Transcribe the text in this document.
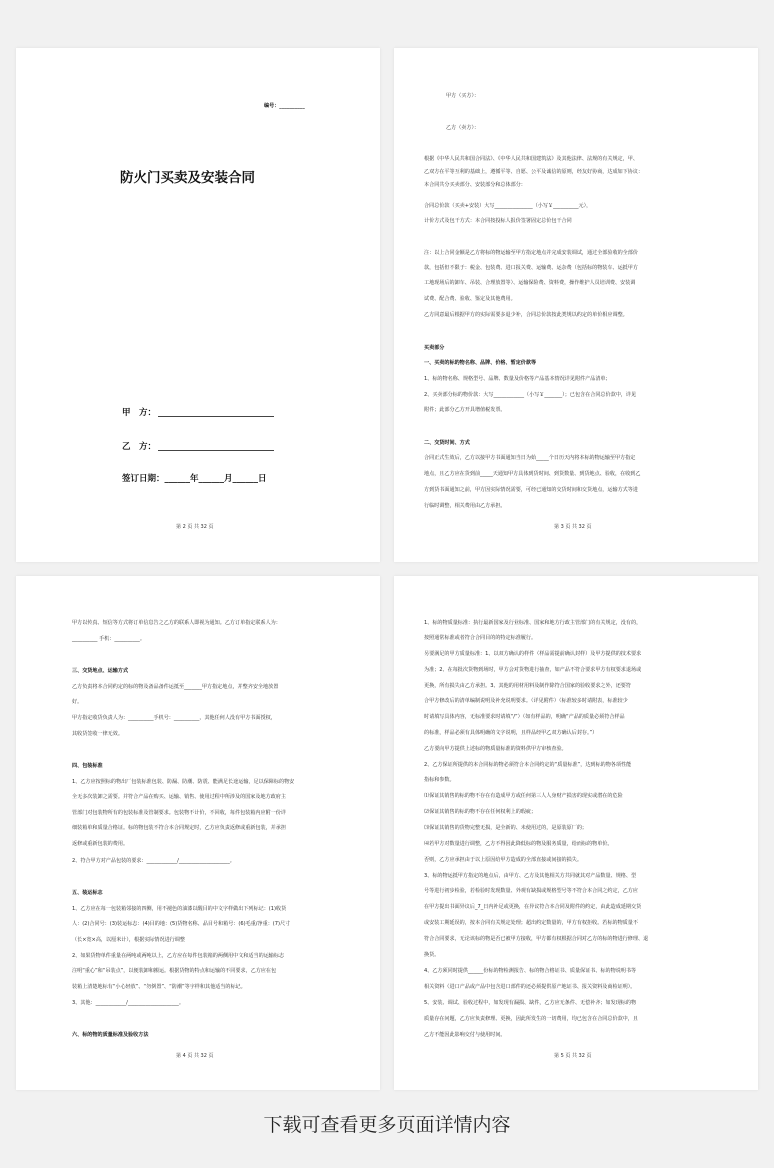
编号：__________
防火门买卖及安装合同
甲　方：
乙　方：
签订日期：______年______月______日
第 2 页 共 32 页
甲方（买方）：
乙方（卖方）：
根据《中华人民共和国合同法》、《中华人民共和国建筑法》及其他法律、法规的有关规定，甲、
乙双方在平等互利的基础上，遵循平等、自愿、公平及诚信的原则，经友好协商，达成如下协议：
本合同共分买卖部分、安装部分和总体部分：
合同总价款（买卖+安装）大写_______________（小写￥__________元），
计价方式及包干方式：本合同按投标人报价签署固定总价包干合同
注：以上合同金额是乙方将标的物运输至甲方指定地点并完成安装调试，通过全部验收的全部价
款，包括但不限于：税金、包装费、进口报关费、运输费、运杂费（包括标的物装车、运抵甲方
工地现场后的卸车、吊装、合理放置等）、运输保险费、资料费，操作维护人员培训费、安装调
试费、配合费、验收、鉴定及其他费用。
乙方同意最后根据甲方的实际需要多退少补，合同总价款按此类规以约定的单价相应调整。
买卖部分
一、买卖的标的物名称、品牌、价格、暂定价款等
1、标的物名称、规格型号、品牌、数量及价格等产品基本情况详见附件产品清单；
2、买卖部分标的物价款：大写____________（小写￥_______）；已包含在合同总价款中，详见
附件；此部分乙方开具增值税发票。
二、交货时间、方式
合同正式生效后，乙方以接甲方书面通知当日为始_____个日历天内将本标的物运输至甲方指定
地点，且乙方应在货到前_____天通知甲方具体到货时间、到货数量、到货地点、验收，在收到乙
方到货书面通知之前，甲方因实际情况需要，可经已通知的交货时间和交货地点，运输方式等进
行临时调整，相关费用由乙方承担。
第 3 页 共 32 页
甲方以传真、短信等方式将订单信息告之乙方的联系人即视为通知。乙方订单指定联系人为：
__________ 手机：__________。
三、交货地点、运输方式
乙方负责将本合同约定的标的物及备品备件运抵至_______甲方指定地点，并整齐安全地放置
好。
甲方指定收货负责人为：__________手机号：__________，其他任何人没有甲方书面授权，
其收货签收一律无效。
四、包装标准
1、乙方应按照标的物出厂包装标准包装、防漏、防潮、防震、能满足长途运输，足以保障标的物安
全无多次装卸之需要。并符合产品在购买、运输、销售、使用过程中所涉及的国家及地方政府主
管部门对包装物所有的包装标准及管制要求。包装物不计价，不回收，每件包装箱内应附一份详
细装箱单和质量合格证。标的物包装不符合本合同规定时，乙方应负责返修或重新包装，并承担
返修或重新包装的费用。
2、符合甲方对产品包装的要求：____________/____________________。
五、装运标志
1、乙方应在每一包装箱邻接的四侧，用不褪色的油漆以醒目的中文字样做出下列标记：(1)收货
人：(2)合同号：(3)装运标志：(4)目的地：(5)货物名称、品目号和箱号：(6)毛重/净重：(7)尺寸
（长×宽×高，以厘米计），根据实际情况进行调整
2、如果货物单件重量在两吨或两吨以上，乙方应在每件包装箱的两侧用中文和适当的运输标志
注明“重心”和“吊装点”，以便装卸和搬运。根据货物的特点和运输的不同要求，乙方应在包
装箱上清楚地标有“小心轻放”、“勿倒置”、“防潮”等字样和其他适当的标记。
3、其他：____________/____________________。
六、标的物的质量标准及验收方法
第 4 页 共 32 页
1、标的物质量标准：执行最新国家及行业标准、国家和地方行政主管部门的有关规定，没有的，
按照通常标准或者符合合同目的的特定标准履行。
另要满足的甲方质量标准：1、以双方确认的样件（样品需提前确认封样）及甲方提供的技术要求
为准；2、在每批次货物到场时，甲方会对货物进行抽查，如产品不符合要求甲方有权要求退场或
更换，所有损失由乙方承担。3、其他的用材用料及制作除符合国家的验收要求之外，还要符
合甲方修改后的清单编制说明及补充说明要求。（详见附件）（标准较多时请附表，标准较少
时请填写具体内容，无标准要求时请填“/”）（如有样品的，明确“产品的质量必须符合样品
的标准，样品必须有具体明确的文字说明，且样品经甲乙双方确认后封存。”）
乙方要向甲方提供上述标的物质量标准的资料供甲方审核查验。
2、乙方保证所提供的本合同标的物必须符合本合同约定的“质量标准”，达到标的物各项性能
指标和参数。
⑴保证其销售的标的物不存在有造成甲方或任何第三人人身财产损害的现实或潜在的危险
⑵保证其销售的标的物不存在任何权利上的瑕疵；
⑶保证其销售的货物完整无损，是全新的、未使用过的，是原装原厂的；
⑷若甲方对数量进行调整，乙方不得因此降低标的物及服务质量，给而标的物单价。
否则，乙方应承担由于以上原因给甲方造成的全部直接或间接的损失。
3、标的物运抵甲方指定的地点后，由甲方、乙方及其他相关方共同就其对产品数量、规格、型
号等进行初步检验，若检验时发现数量、外观有缺损或规格型号等不符合本合同之约定，乙方应
在甲方提出书面异议后_7_日内补足或更换，在异议符合本合同及附件的约定，由此造成延期交货
或安装工期延误的，按本合同有关规定处理；超出约定数量的，甲方有权拒收。若标的物质量不
符合合同要求，无论该标的物是否已被甲方接收，甲方都有权根据合同对乙方的标的物进行修理、退
换货。
4、乙方须同时提供______份标的物检测报告、标的物合格证书、质量保证书、标的物说明书等
相关资料（进口产品或产品中包含进口部件的还必须提供原产地证书、报关资料及商检证明）。
5、安装、调试、验收过程中，如发现有漏损、缺件，乙方应无条件、无偿补齐；如发现标的物
质量存在问题，乙方应负责修理、更换，因此所发生的一切费用，均已包含在合同总价款中，且
乙方不能因此影响交付与使用时间。
第 5 页 共 32 页
下载可查看更多页面详情内容
